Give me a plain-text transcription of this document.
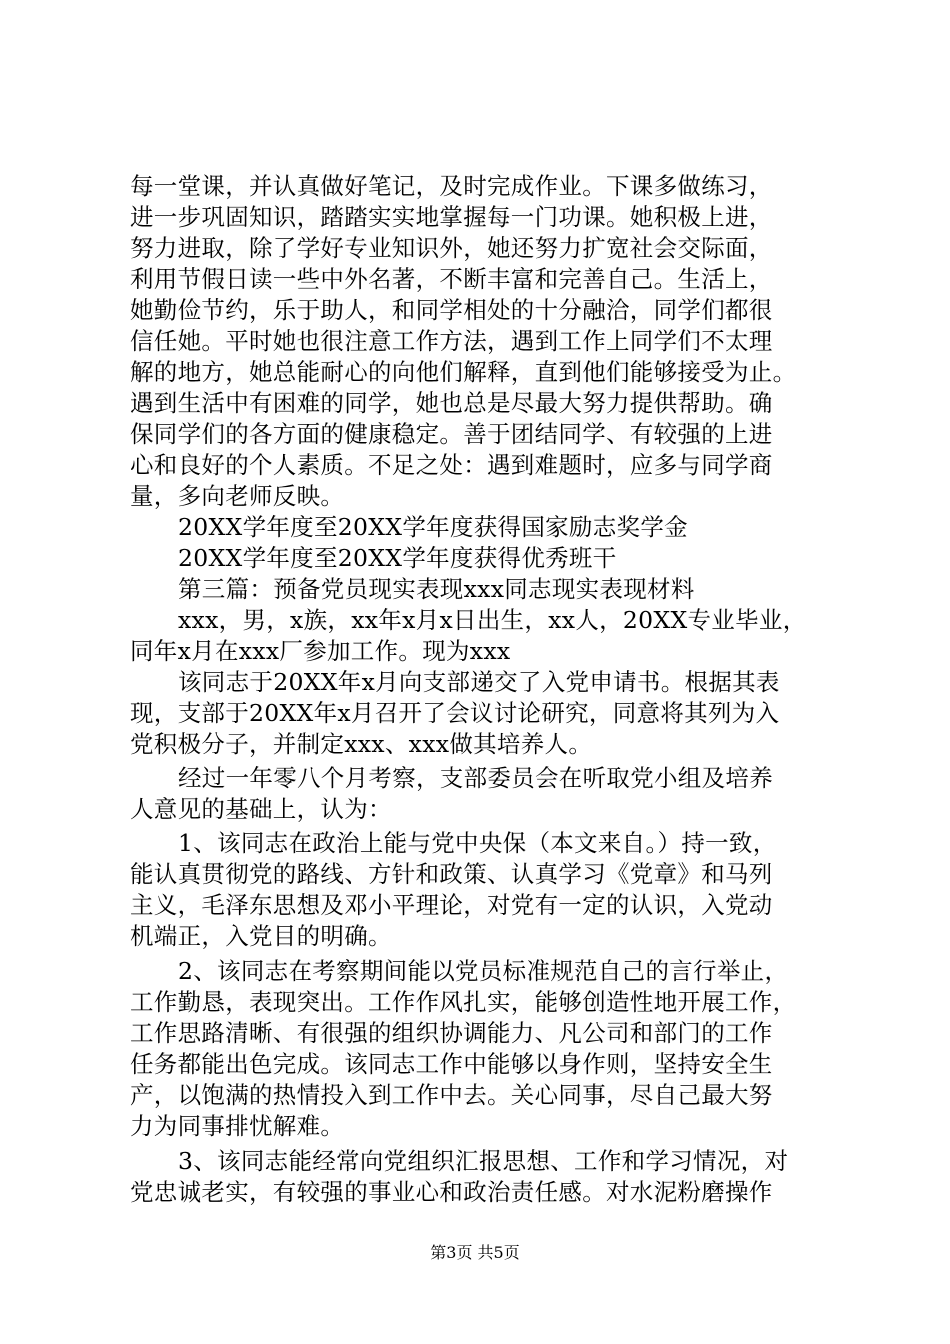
每一堂课，并认真做好笔记，及时完成作业。下课多做练习，
进一步巩固知识，踏踏实实地掌握每一门功课。她积极上进，
努力进取，除了学好专业知识外，她还努力扩宽社会交际面，
利用节假日读一些中外名著，不断丰富和完善自己。生活上，
她勤俭节约，乐于助人，和同学相处的十分融洽，同学们都很
信任她。平时她也很注意工作方法，遇到工作上同学们不太理
解的地方，她总能耐心的向他们解释，直到他们能够接受为止。
遇到生活中有困难的同学，她也总是尽最大努力提供帮助。确
保同学们的各方面的健康稳定。善于团结同学、有较强的上进
心和良好的个人素质。不足之处：遇到难题时，应多与同学商
量，多向老师反映。
20XX学年度至20XX学年度获得国家励志奖学金
20XX学年度至20XX学年度获得优秀班干
第三篇：预备党员现实表现xxx同志现实表现材料
xxx，男，x族，xx年x月x日出生，xx人，20XX专业毕业，
同年x月在xxx厂参加工作。现为xxx
该同志于20XX年x月向支部递交了入党申请书。根据其表
现，支部于20XX年x月召开了会议讨论研究，同意将其列为入
党积极分子，并制定xxx、xxx做其培养人。
经过一年零八个月考察，支部委员会在听取党小组及培养
人意见的基础上，认为：
1、该同志在政治上能与党中央保（本文来自。）持一致，
能认真贯彻党的路线、方针和政策、认真学习《党章》和马列
主义，毛泽东思想及邓小平理论，对党有一定的认识，入党动
机端正，入党目的明确。
2、该同志在考察期间能以党员标准规范自己的言行举止，
工作勤恳，表现突出。工作作风扎实，能够创造性地开展工作，
工作思路清晰、有很强的组织协调能力、凡公司和部门的工作
任务都能出色完成。该同志工作中能够以身作则，坚持安全生
产，以饱满的热情投入到工作中去。关心同事，尽自己最大努
力为同事排忧解难。
3、该同志能经常向党组织汇报思想、工作和学习情况，对
党忠诚老实，有较强的事业心和政治责任感。对水泥粉磨操作
第3页 共5页
